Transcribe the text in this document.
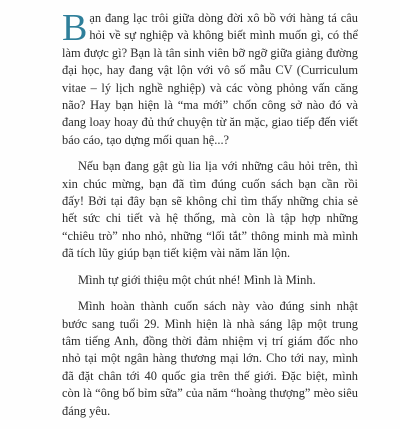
Bạn đang lạc trôi giữa dòng đời xô bồ với hàng tá câu hỏi về sự nghiệp và không biết mình muốn gì, có thể làm được gì? Bạn là tân sinh viên bỡ ngỡ giữa giảng đường đại học, hay đang vật lộn với vô số mẫu CV (Curriculum vitae – lý lịch nghề nghiệp) và các vòng phỏng vấn căng não? Hay bạn hiện là “ma mới” chốn công sở nào đó và đang loay hoay đủ thứ chuyện từ ăn mặc, giao tiếp đến viết báo cáo, tạo dựng mối quan hệ...?

Nếu bạn đang gật gù lia lịa với những câu hỏi trên, thì xin chúc mừng, bạn đã tìm đúng cuốn sách bạn cần rồi đấy! Bởi tại đây bạn sẽ không chỉ tìm thấy những chia sẻ hết sức chi tiết và hệ thống, mà còn là tập hợp những “chiêu trò” nho nhỏ, những “lối tắt” thông minh mà mình đã tích lũy giúp bạn tiết kiệm vài năm lăn lộn.

Mình tự giới thiệu một chút nhé! Mình là Minh.

Mình hoàn thành cuốn sách này vào đúng sinh nhật bước sang tuổi 29. Mình hiện là nhà sáng lập một trung tâm tiếng Anh, đồng thời đảm nhiệm vị trí giám đốc nho nhỏ tại một ngân hàng thương mại lớn. Cho tới nay, mình đã đặt chân tới 40 quốc gia trên thế giới. Đặc biệt, mình còn là “ông bố bỉm sữa” của năm “hoàng thượng” mèo siêu đáng yêu.
